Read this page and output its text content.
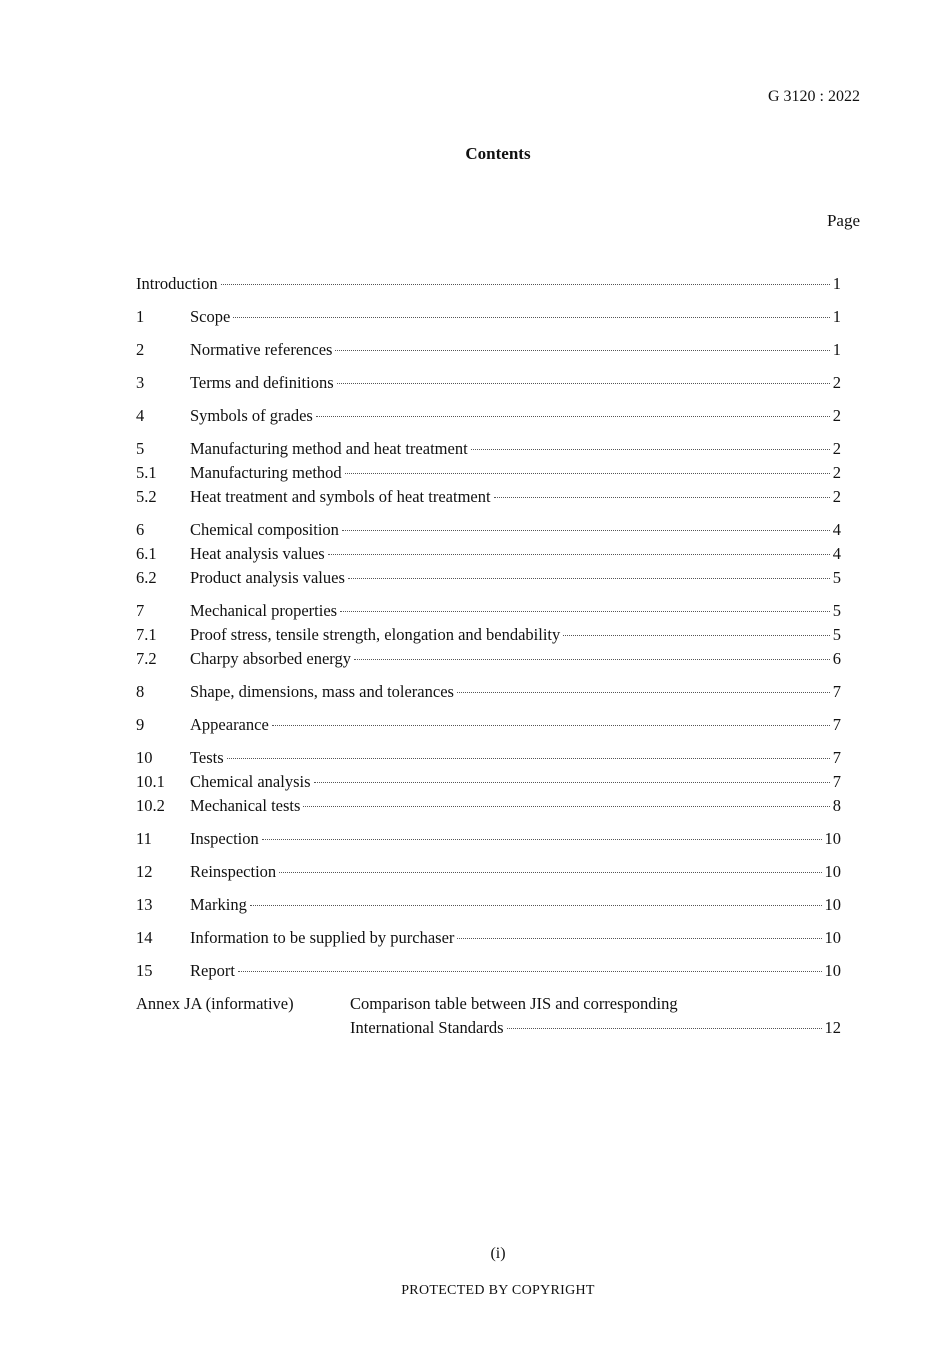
G 3120 : 2022
Contents
Page
Introduction	1
1	Scope	1
2	Normative references	1
3	Terms and definitions	2
4	Symbols of grades	2
5	Manufacturing method and heat treatment	2
5.1	Manufacturing method	2
5.2	Heat treatment and symbols of heat treatment	2
6	Chemical composition	4
6.1	Heat analysis values	4
6.2	Product analysis values	5
7	Mechanical properties	5
7.1	Proof stress, tensile strength, elongation and bendability	5
7.2	Charpy absorbed energy	6
8	Shape, dimensions, mass and tolerances	7
9	Appearance	7
10	Tests	7
10.1	Chemical analysis	7
10.2	Mechanical tests	8
11	Inspection	10
12	Reinspection	10
13	Marking	10
14	Information to be supplied by purchaser	10
15	Report	10
Annex JA (informative)	Comparison table between JIS and corresponding
International Standards	12
(i)
PROTECTED BY COPYRIGHT
